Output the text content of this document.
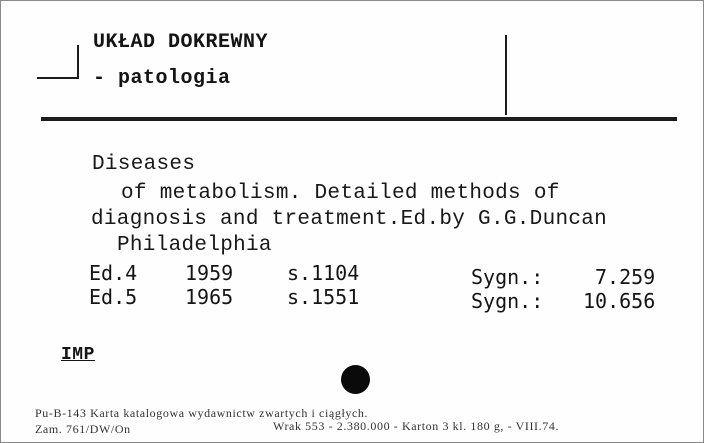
UKŁAD DOKREWNY
- patologia
Diseases
of metabolism. Detailed methods of
diagnosis and treatment.Ed.by G.G.Duncan
Philadelphia
Ed.4 1959	s.1104	Sygn.:	7.259
Ed.5 1965	s.1551	Sygn.: 10.656
IMP
Pu-B-143 Karta katalogowa wydawnictw zwartych i ciągłych.
Zam. 761/DW/On	Wrak 553 - 2.380.000 - Karton 3 kl. 180 g, - VIII.74.
